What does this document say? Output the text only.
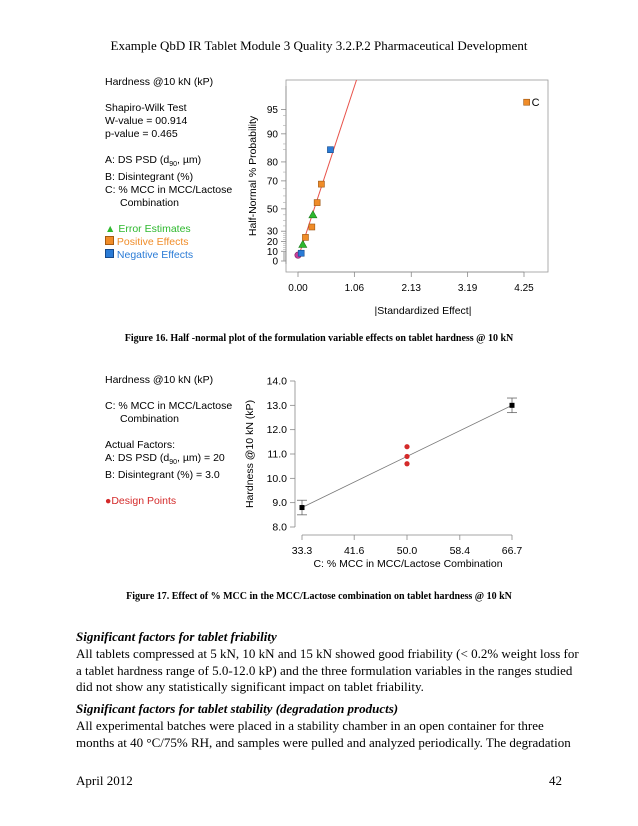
Example QbD IR Tablet Module 3 Quality 3.2.P.2 Pharmaceutical Development
Hardness @10 kN (kP)
Shapiro-Wilk Test
W-value = 00.914
p-value = 0.465
A: DS PSD ($d_{90}$, µm)
B: Disintegrant (%)
C: % MCC in MCC/Lactose
Combination
▲ Error Estimates
Positive Effects
Negative Effects
0
10
20
30
50
70
80
90
95
0.00	1.06	2.13	3.19	4.25
C
Half-Normal % Probability
|Standardized Effect|
Figure 16. Half -normal plot of the formulation variable effects on tablet hardness @ 10 kN
Hardness @10 kN (kP)
C: % MCC in MCC/Lactose
Combination
Actual Factors:
A: DS PSD ($d_{90}$, µm) = 20
B: Disintegrant (%) = 3.0
●Design Points
8.0
9.0
10.0
11.0
12.0
13.0
14.0
33.3	41.6	50.0	58.4	66.7
Hardness @10 kN (kP)
C: % MCC in MCC/Lactose Combination
Figure 17. Effect of % MCC in the MCC/Lactose combination on tablet hardness @ 10 kN
Significant factors for tablet friability
All tablets compressed at 5 kN, 10 kN and 15 kN showed good friability (< 0.2% weight loss for
a tablet hardness range of 5.0-12.0 kP) and the three formulation variables in the ranges studied
did not show any statistically significant impact on tablet friability.
Significant factors for tablet stability (degradation products)
All experimental batches were placed in a stability chamber in an open container for three
months at 40 °C/75% RH, and samples were pulled and analyzed periodically. The degradation
April 2012	42
